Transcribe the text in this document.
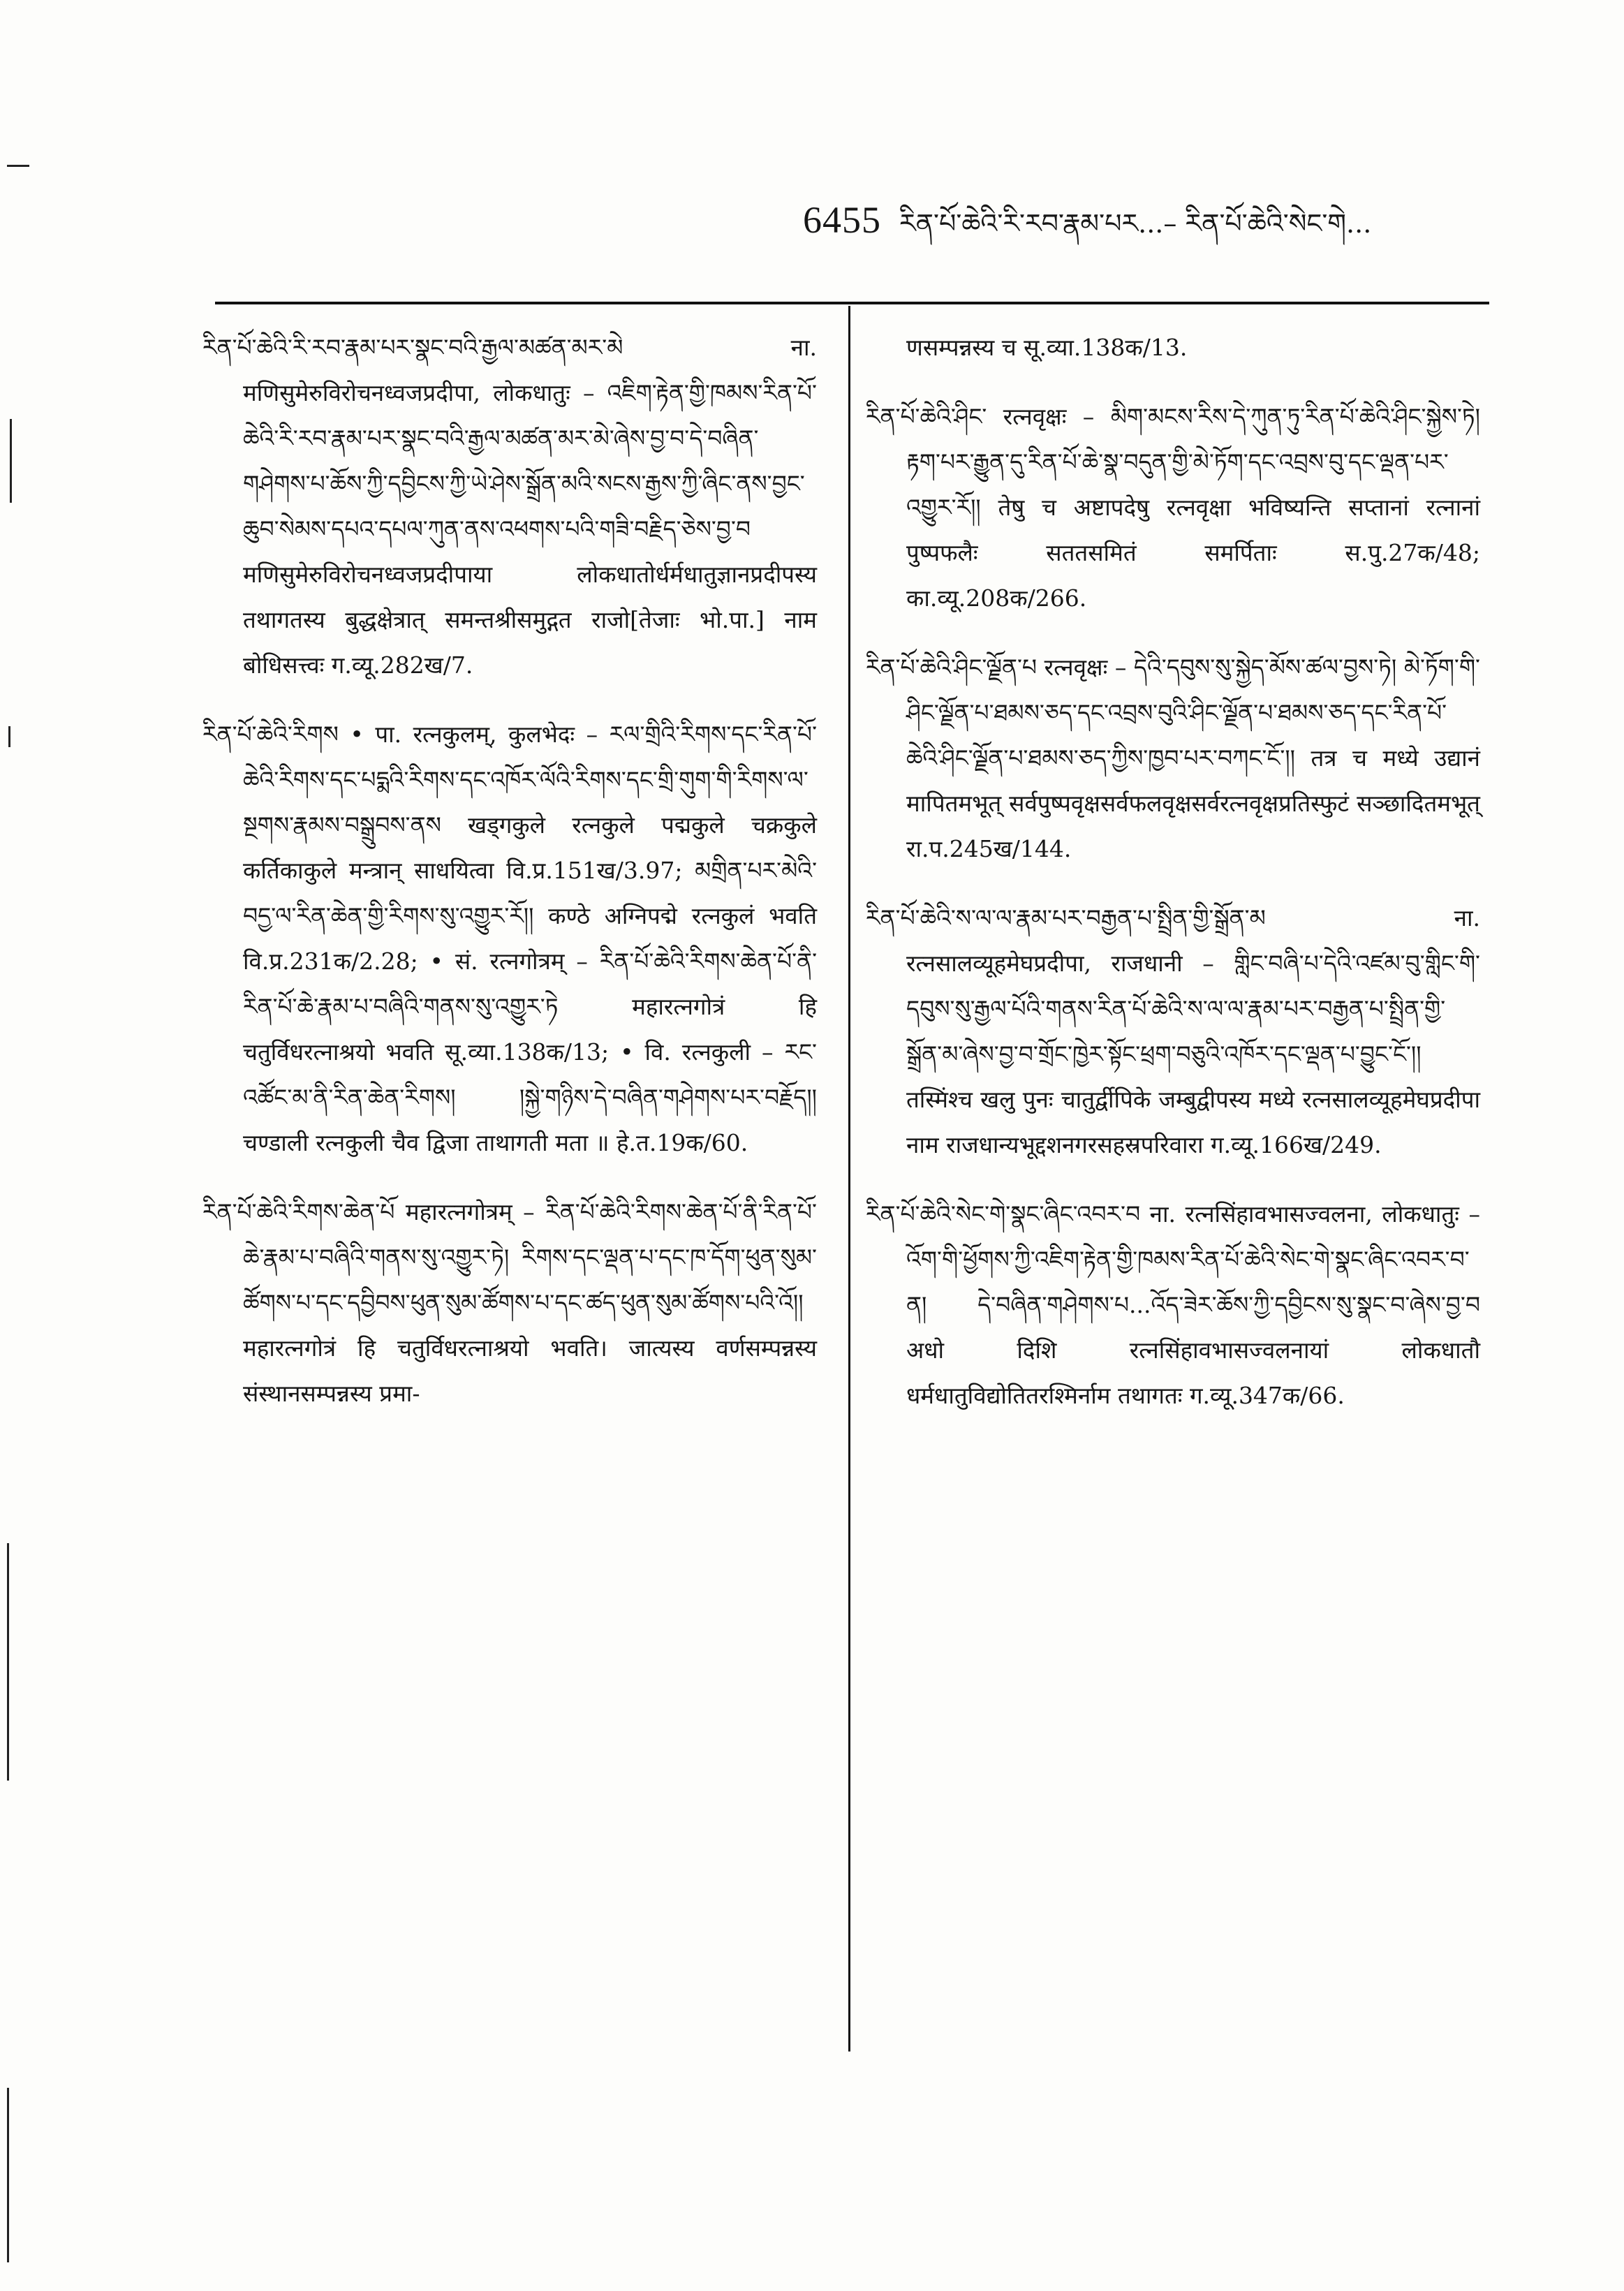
6455 རིན་པོ་ཆེའི་རི་རབ་རྣམ་པར...– རིན་པོ་ཆེའི་སེང་གེ...

རིན་པོ་ཆེའི་རི་རབ་རྣམ་པར་སྣང་བའི་རྒྱལ་མཚན་མར་མེ ना. मणिसुमेरुविरोचनध्वजप्रदीपा, लोकधातुः – འཇིག་རྟེན་གྱི་ཁམས་རིན་པོ་ཆེའི་རི་རབ་རྣམ་པར་སྣང་བའི་རྒྱལ་མཚན་མར་མེ་ཞེས་བྱ་བ་དེ་བཞིན་གཤེགས་པ་ཆོས་ཀྱི་དབྱིངས་ཀྱི་ཡེ་ཤེས་སྒྲོན་མའི་སངས་རྒྱས་ཀྱི་ཞིང་ནས་བྱང་ཆུབ་སེམས་དཔའ་དཔལ་ཀུན་ནས་འཕགས་པའི་གཟི་བརྗིད་ཅེས་བྱ་བ मणिसुमेरुविरोचनध्वजप्रदीपाया लोकधातोर्धर्मधातुज्ञानप्रदीपस्य तथागतस्य बुद्धक्षेत्रात् समन्तश्रीसमुद्गत राजो[तेजाः भो.पा.] नाम बोधिसत्त्वः ग.व्यू.282ख/7.

རིན་པོ་ཆེའི་རིགས • पा. रत्नकुलम्, कुलभेदः – རལ་གྲིའི་རིགས་དང་རིན་པོ་ཆེའི་རིགས་དང་པདྨའི་རིགས་དང་འཁོར་ལོའི་རིགས་དང་གྲི་གུག་གི་རིགས་ལ་སྔགས་རྣམས་བསྒྲུབས་ནས खड्गकुले रत्नकुले पद्मकुले चक्रकुले कर्तिकाकुले मन्त्रान् साधयित्वा वि.प्र.151ख/3.97; མགྲིན་པར་མེའི་བདྱ་ལ་རིན་ཆེན་གྱི་རིགས་སུ་འགྱུར་རོ།། कण्ठे अग्निपद्मे रत्नकुलं भवति वि.प्र.231क/2.28; • सं. रत्नगोत्रम् – རིན་པོ་ཆེའི་རིགས་ཆེན་པོ་ནི་རིན་པོ་ཆེ་རྣམ་པ་བཞིའི་གནས་སུ་འགྱུར་ཏེ महारत्नगोत्रं हि चतुर्विधरत्नाश्रयो भवति सू.व्या.138क/13; • वि. रत्नकुली – རང་འཚོང་མ་ནི་རིན་ཆེན་རིགས། །སྐྱེ་གཉིས་དེ་བཞིན་གཤེགས་པར་བརྗོད།། चण्डाली रत्नकुली चैव द्विजा ताथागती मता ॥ हे.त.19क/60.

རིན་པོ་ཆེའི་རིགས་ཆེན་པོ महारत्नगोत्रम् – རིན་པོ་ཆེའི་རིགས་ཆེན་པོ་ནི་རིན་པོ་ཆེ་རྣམ་པ་བཞིའི་གནས་སུ་འགྱུར་ཏེ། རིགས་དང་ལྡན་པ་དང་ཁ་དོག་ཕུན་སུམ་ཚོགས་པ་དང་དབྱིབས་ཕུན་སུམ་ཚོགས་པ་དང་ཚད་ཕུན་སུམ་ཚོགས་པའི་འོ།། महारत्नगोत्रं हि चतुर्विधरत्नाश्रयो भवति। जात्यस्य वर्णसम्पन्नस्य संस्थानसम्पन्नस्य प्रमा-

णसम्पन्नस्य च सू.व्या.138क/13.

རིན་པོ་ཆེའི་ཤིང་ रत्नवृक्षः – མིག་མངས་རིས་དེ་ཀུན་ཏུ་རིན་པོ་ཆེའི་ཤིང་སྐྱེས་ཏེ། རྟག་པར་རྒྱུན་དུ་རིན་པོ་ཆེ་སྣ་བདུན་གྱི་མེ་ཏོག་དང་འབྲས་བུ་དང་ལྡན་པར་འགྱུར་རོ།། तेषु च अष्टापदेषु रत्नवृक्षा भविष्यन्ति सप्तानां रत्नानां पुष्पफलैः सततसमितं समर्पिताः स.पु.27क/48; का.व्यू.208क/266.

རིན་པོ་ཆེའི་ཤིང་ལྗོན་པ रत्नवृक्षः – དེའི་དབུས་སུ་སྐྱེད་མོས་ཚལ་བྱས་ཏེ། མེ་ཏོག་གི་ཤིང་ལྗོན་པ་ཐམས་ཅད་དང་འབྲས་བུའི་ཤིང་ལྗོན་པ་ཐམས་ཅད་དང་རིན་པོ་ཆེའི་ཤིང་ལྗོན་པ་ཐམས་ཅད་ཀྱིས་ཁྱབ་པར་བཀང་ངོ་།། तत्र च मध्ये उद्यानं मापितमभूत् सर्वपुष्पवृक्षसर्वफलवृक्षसर्वरत्नवृक्षप्रतिस्फुटं सञ्छादितमभूत् रा.प.245ख/144.

རིན་པོ་ཆེའི་ས་ལ་ལ་རྣམ་པར་བརྒྱན་པ་སྤྲིན་གྱི་སྒྲོན་མ ना. रत्नसालव्यूहमेघप्रदीपा, राजधानी – གླིང་བཞི་པ་དེའི་འཛམ་བུ་གླིང་གི་དབུས་སུ་རྒྱལ་པོའི་གནས་རིན་པོ་ཆེའི་ས་ལ་ལ་རྣམ་པར་བརྒྱན་པ་སྤྲིན་གྱི་སྒྲོན་མ་ཞེས་བྱ་བ་གྲོང་ཁྱེར་སྟོང་ཕྲག་བཅུའི་འཁོར་དང་ལྡན་པ་བྱུང་ངོ་།། तस्मिंश्च खलु पुनः चातुर्द्वीपिके जम्बुद्वीपस्य मध्ये रत्नसालव्यूहमेघप्रदीपा नाम राजधान्यभूद्दशनगरसहस्रपरिवारा ग.व्यू.166ख/249.

རིན་པོ་ཆེའི་སེང་གེ་སྣང་ཞིང་འབར་བ ना. रत्नसिंहावभासज्वलना, लोकधातुः – འོག་གི་ཕྱོགས་ཀྱི་འཇིག་རྟེན་གྱི་ཁམས་རིན་པོ་ཆེའི་སེང་གེ་སྣང་ཞིང་འབར་བ་ན། དེ་བཞིན་གཤེགས་པ...འོད་ཟེར་ཆོས་ཀྱི་དབྱིངས་སུ་སྣང་བ་ཞེས་བྱ་བ अधो दिशि रत्नसिंहावभासज्वलनायां लोकधातौ धर्मधातुविद्योतितरश्मिर्नाम तथागतः ग.व्यू.347क/66.
